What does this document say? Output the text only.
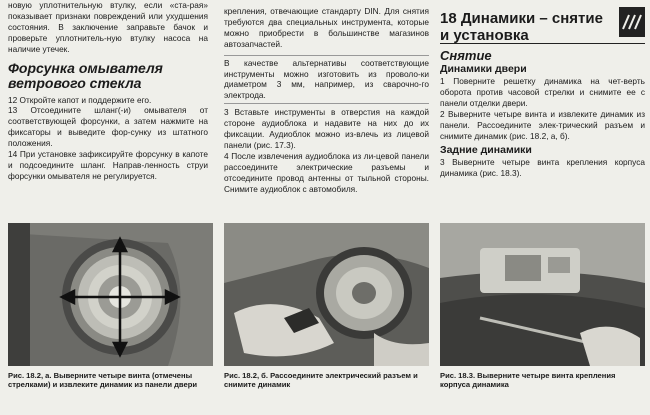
новую уплотнительную втулку, если «ста-рая» показывает признаки повреждений или ухудшения состояния. В заключение заправьте бачок и проверьте уплотнитель-ную втулку насоса на наличие утечек.

Форсунка омывателя ветрового стекла

12 Откройте капот и поддержите его.

13 Отсоедините шланг(-и) омывателя от соответствующей форсунки, а затем нажмите на фиксаторы и выведите фор-сунку из штатного положения.

14 При установке зафиксируйте форсунку в капоте и подсоедините шланг. Направ-ленность струи форсунки омывателя не регулируется.

крепления, отвечающие стандарту DIN. Для снятия требуются два специальных инструмента, которые можно приобрести в большинстве магазинов автозапчастей.

В качестве альтернативы соответствующие инструменты можно изготовить из проволо-ки диаметром 3 мм, например, из сварочно-го электрода.

3 Вставьте инструменты в отверстия на каждой стороне аудиоблока и надавите на них до их фиксации. Аудиоблок можно из-влечь из лицевой панели (рис. 17.3).

4 После извлечения аудиоблока из ли-цевой панели рассоедините электрические разъемы и отсоедините провод антенны от тыльной стороны. Снимите аудиоблок с автомобиля.

18 Динамики – снятие и установка
Снятие
Динамики двери

1 Поверните решетку динамика на чет-верть оборота против часовой стрелки и снимите ее с панели отделки двери.

2 Выверните четыре винта и извлеките динамик из панели. Рассоедините элек-трический разъем и снимите динамик (рис. 18.2, а, б).

Задние динамики

3 Выверните четыре винта крепления корпуса динамика (рис. 18.3).

Рис. 18.2, а. Выверните четыре винта (отмечены стрелками) и извлеките динамик из панели двери
Рис. 18.2, б. Рассоедините электрический разъем и снимите динамик
Рис. 18.3. Выверните четыре винта крепления корпуса динамика
